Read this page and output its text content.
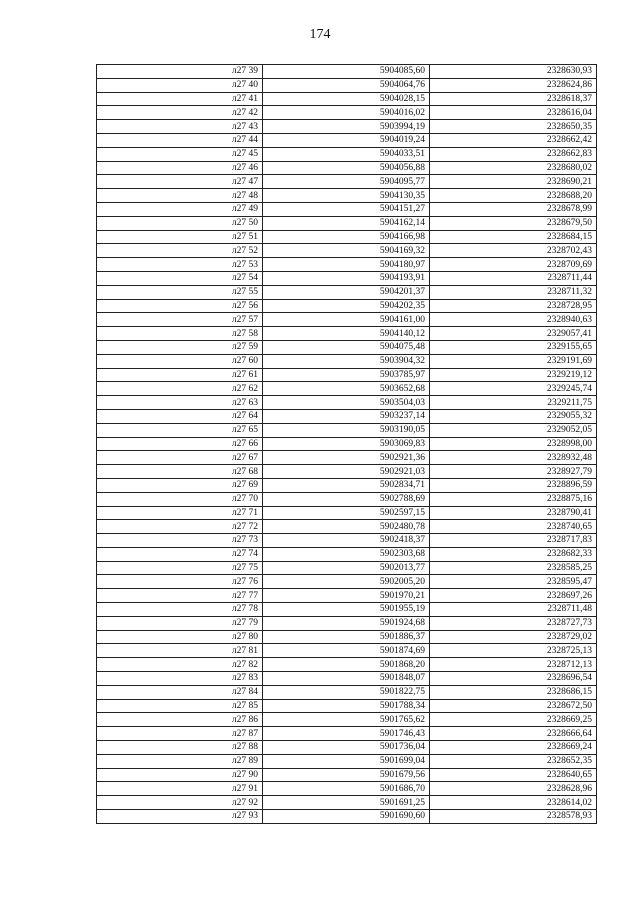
174
л27 39	5904085,60	2328630,93
л27 40	5904064,76	2328624,86
л27 41	5904028,15	2328618,37
л27 42	5904016,02	2328616,04
л27 43	5903994,19	2328650,35
л27 44	5904019,24	2328662,42
л27 45	5904033,51	2328662,83
л27 46	5904056,88	2328680,02
л27 47	5904095,77	2328690,21
л27 48	5904130,35	2328688,20
л27 49	5904151,27	2328678,99
л27 50	5904162,14	2328679,50
л27 51	5904166,98	2328684,15
л27 52	5904169,32	2328702,43
л27 53	5904180,97	2328709,69
л27 54	5904193,91	2328711,44
л27 55	5904201,37	2328711,32
л27 56	5904202,35	2328728,95
л27 57	5904161,00	2328940,63
л27 58	5904140,12	2329057,41
л27 59	5904075,48	2329155,65
л27 60	5903904,32	2329191,69
л27 61	5903785,97	2329219,12
л27 62	5903652,68	2329245,74
л27 63	5903504,03	2329211,75
л27 64	5903237,14	2329055,32
л27 65	5903190,05	2329052,05
л27 66	5903069,83	2328998,00
л27 67	5902921,36	2328932,48
л27 68	5902921,03	2328927,79
л27 69	5902834,71	2328896,59
л27 70	5902788,69	2328875,16
л27 71	5902597,15	2328790,41
л27 72	5902480,78	2328740,65
л27 73	5902418,37	2328717,83
л27 74	5902303,68	2328682,33
л27 75	5902013,77	2328585,25
л27 76	5902005,20	2328595,47
л27 77	5901970,21	2328697,26
л27 78	5901955,19	2328711,48
л27 79	5901924,68	2328727,73
л27 80	5901886,37	2328729,02
л27 81	5901874,69	2328725,13
л27 82	5901868,20	2328712,13
л27 83	5901848,07	2328696,54
л27 84	5901822,75	2328686,15
л27 85	5901788,34	2328672,50
л27 86	5901765,62	2328669,25
л27 87	5901746,43	2328666,64
л27 88	5901736,04	2328669,24
л27 89	5901699,04	2328652,35
л27 90	5901679,56	2328640,65
л27 91	5901686,70	2328628,96
л27 92	5901691,25	2328614,02
л27 93	5901690,60	2328578,93
